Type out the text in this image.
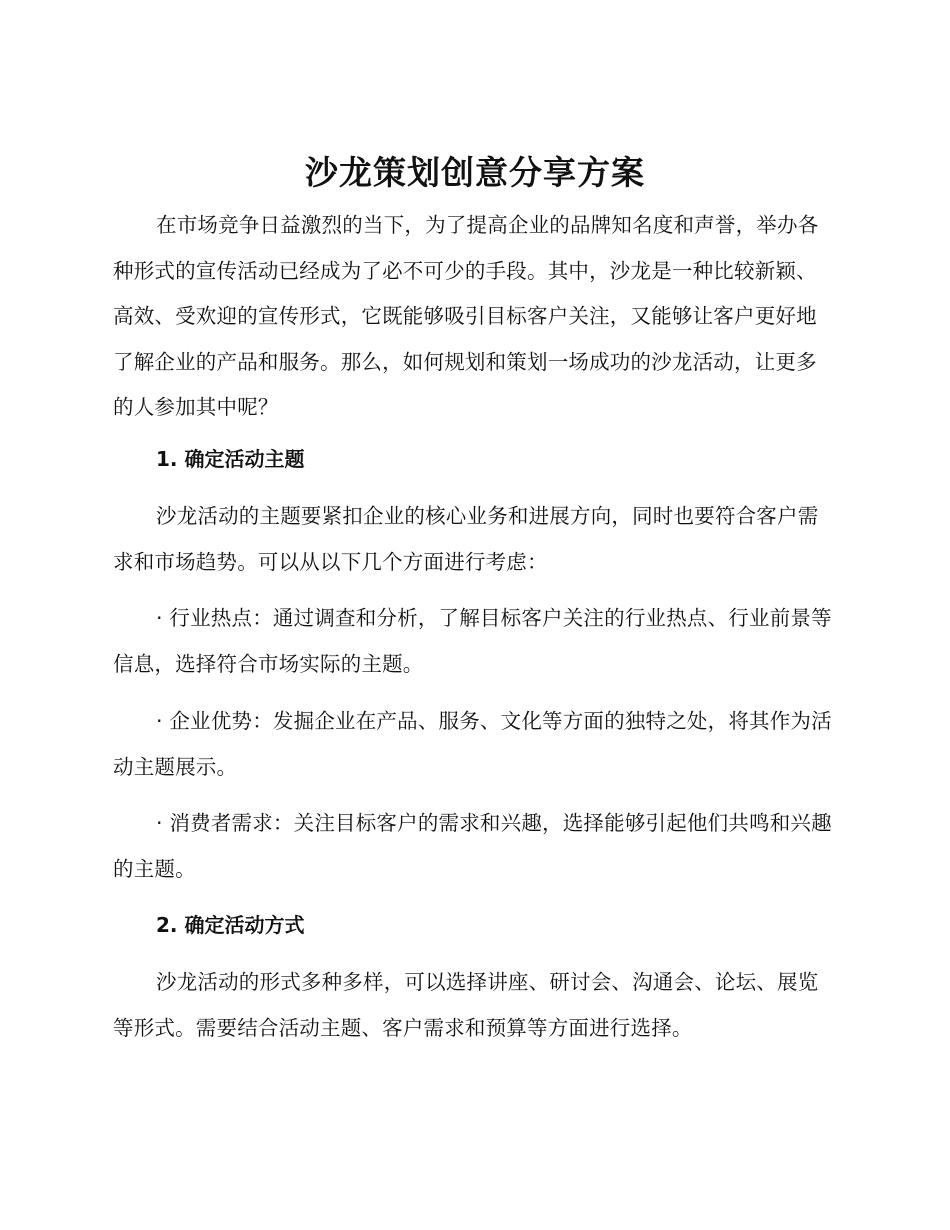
沙龙策划创意分享方案

在市场竞争日益激烈的当下，为了提高企业的品牌知名度和声誉，举办各种形式的宣传活动已经成为了必不可少的手段。其中，沙龙是一种比较新颖、高效、受欢迎的宣传形式，它既能够吸引目标客户关注，又能够让客户更好地了解企业的产品和服务。那么，如何规划和策划一场成功的沙龙活动，让更多的人参加其中呢？

1. 确定活动主题

沙龙活动的主题要紧扣企业的核心业务和进展方向，同时也要符合客户需求和市场趋势。可以从以下几个方面进行考虑：

· 行业热点：通过调查和分析，了解目标客户关注的行业热点、行业前景等信息，选择符合市场实际的主题。

· 企业优势：发掘企业在产品、服务、文化等方面的独特之处，将其作为活动主题展示。

· 消费者需求：关注目标客户的需求和兴趣，选择能够引起他们共鸣和兴趣的主题。

2. 确定活动方式

沙龙活动的形式多种多样，可以选择讲座、研讨会、沟通会、论坛、展览等形式。需要结合活动主题、客户需求和预算等方面进行选择。
